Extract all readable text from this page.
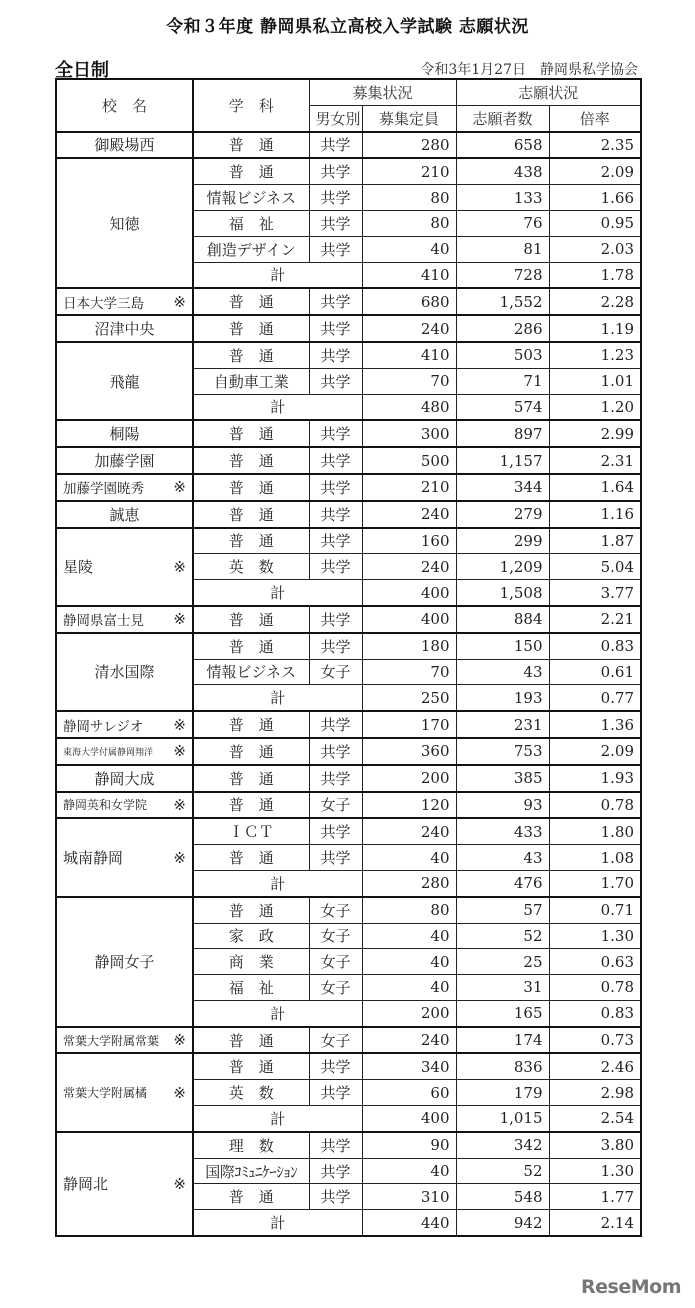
令和３年度 静岡県私立高校入学試験 志願状況
全日制	令和3年1月27日　静岡県私学協会
校　名	学　科	募集状況		志願状況	
		男女別	募集定員	志願者数	倍率

御殿場西	普　通	共学	280	658	2.35

知徳	普　通	共学	210	438	2.09
	情報ビジネス	共学	80	133	1.66
	福　祉	共学	80	76	0.95
	創造デザイン	共学	40	81	2.03
	計		410	728	1.78

日本大学三島 ※	普　通	共学	680	1,552	2.28

沼津中央	普　通	共学	240	286	1.19

飛龍	普　通	共学	410	503	1.23
	自動車工業	共学	70	71	1.01
	計		480	574	1.20

桐陽	普　通	共学	300	897	2.99

加藤学園	普　通	共学	500	1,157	2.31

加藤学園暁秀 ※	普　通	共学	210	344	1.64

誠恵	普　通	共学	240	279	1.16

星陵 ※	普　通	共学	160	299	1.87
	英　数	共学	240	1,209	5.04
	計		400	1,508	3.77

静岡県富士見 ※	普　通	共学	400	884	2.21

清水国際	普　通	共学	180	150	0.83
	情報ビジネス	女子	70	43	0.61
	計		250	193	0.77

静岡サレジオ ※	普　通	共学	170	231	1.36

東海大学付属静岡翔洋 ※	普　通	共学	360	753	2.09

静岡大成	普　通	共学	200	385	1.93

静岡英和女学院 ※	普　通	女子	120	93	0.78

城南静岡 ※	ＩＣＴ	共学	240	433	1.80
	普　通	共学	40	43	1.08
	計		280	476	1.70

静岡女子	普　通	女子	80	57	0.71
	家　政	女子	40	52	1.30
	商　業	女子	40	25	0.63
	福　祉	女子	40	31	0.78
	計		200	165	0.83

常葉大学附属常葉 ※	普　通	女子	240	174	0.73

常葉大学附属橘 ※	普　通	共学	340	836	2.46
	英　数	共学	60	179	2.98
	計		400	1,015	2.54

静岡北 ※	理　数	共学	90	342	3.80
	国際ｺﾐｭﾆｹｰｼｮﾝ	共学	40	52	1.30
	普　通	共学	310	548	1.77
	計		440	942	2.14
ReseMom
